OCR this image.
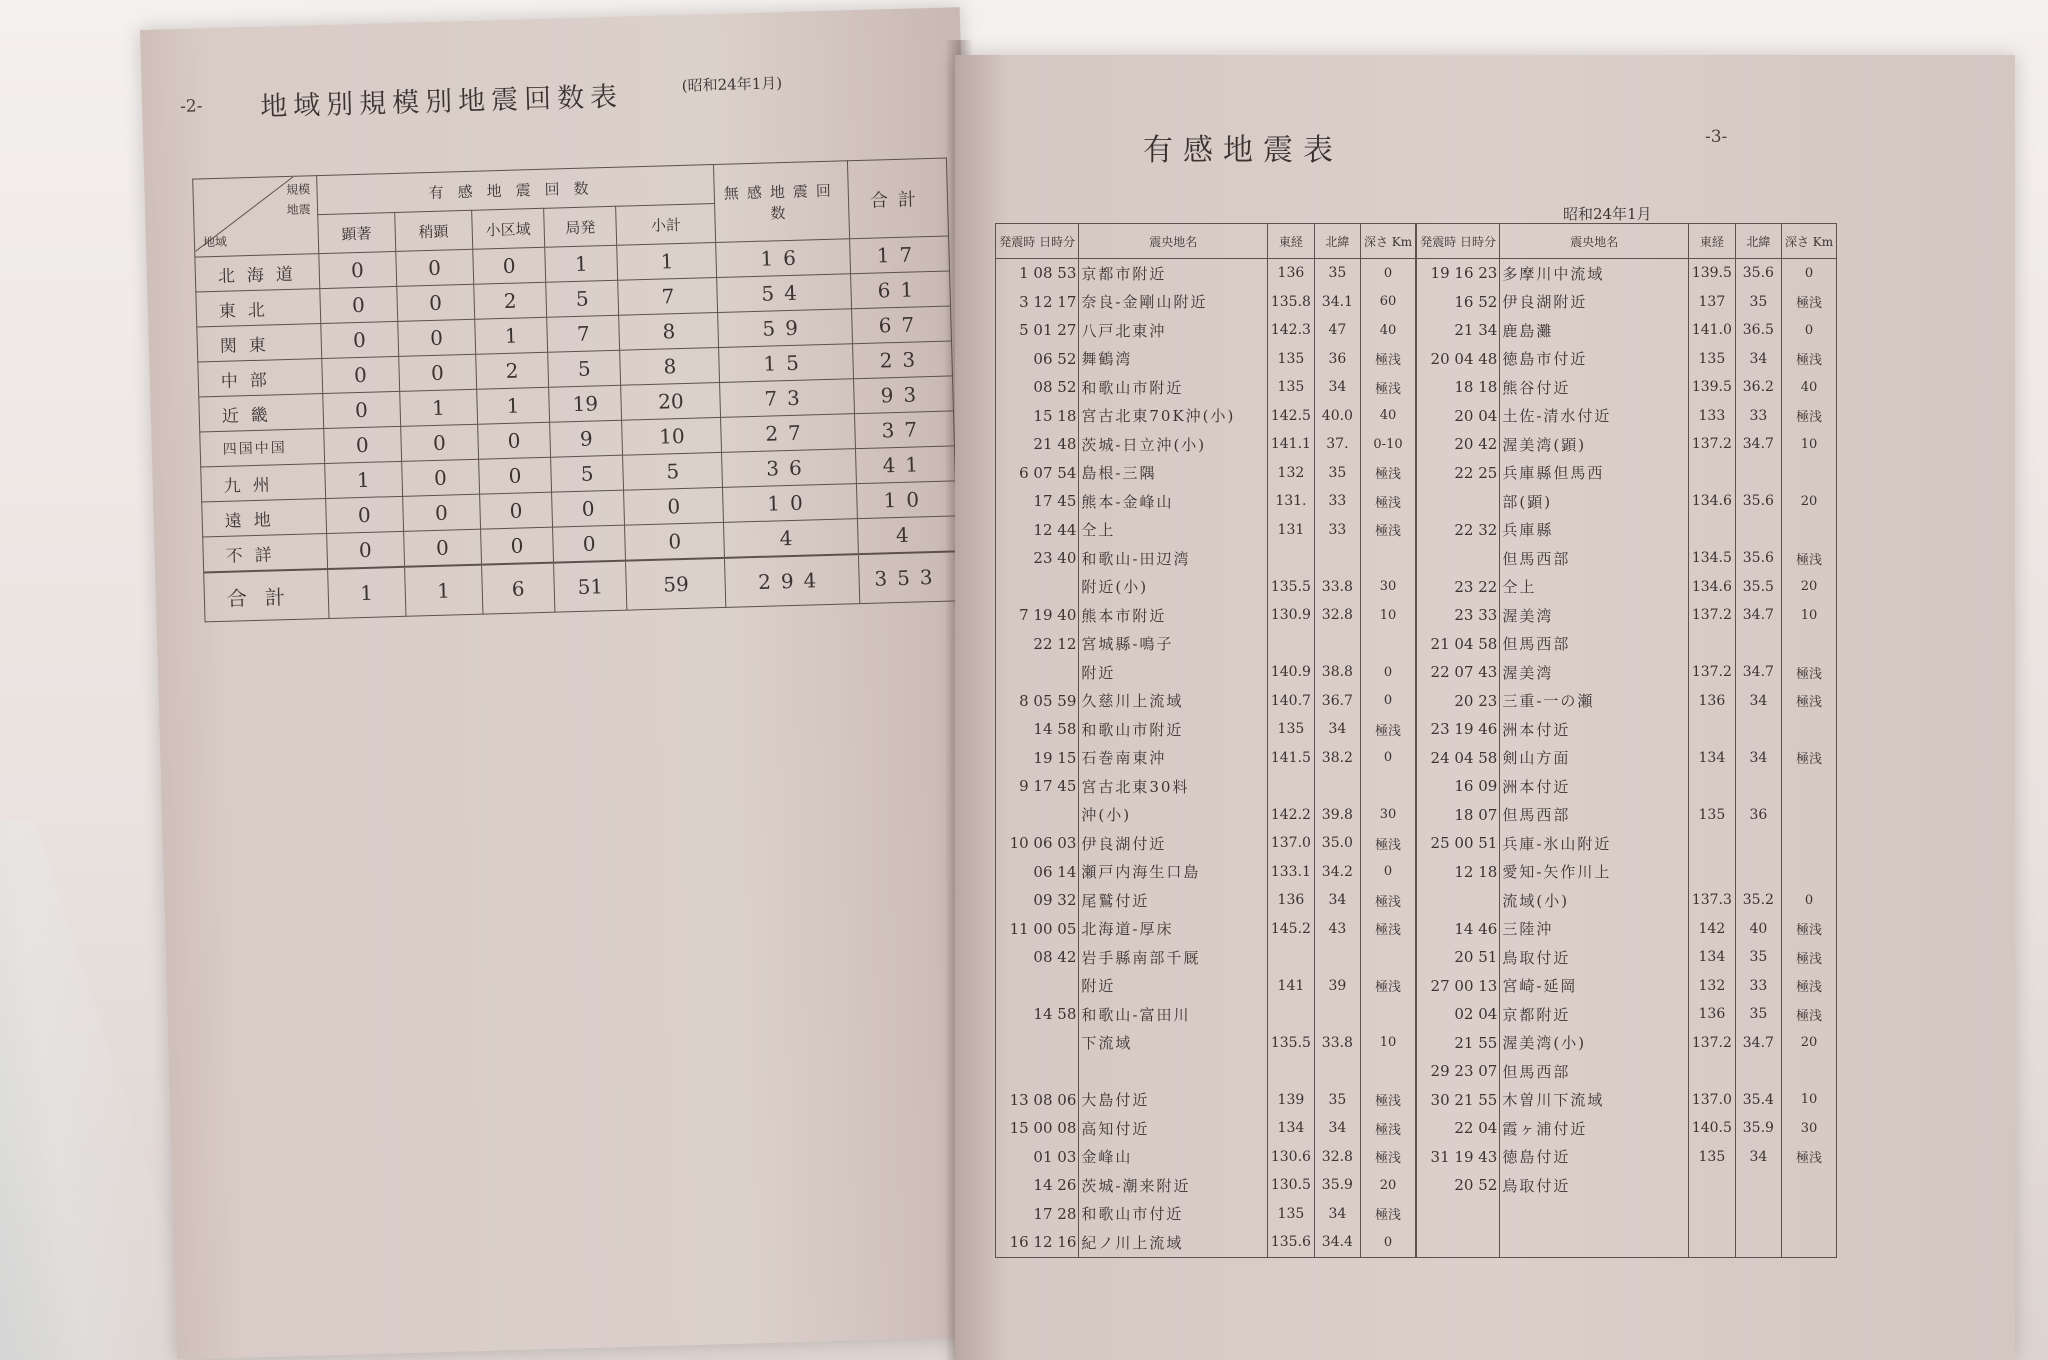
-2- 地域別規模別地震回数表	(昭和24年1月)
規模
地震
地域	有感地震回数					無感地震回数	合計
	顕著	稍顕	小区域	局発	小計		
北海道	0	0	0	1	1	16	17
東北	0	0	2	5	7	54	61
関東	0	0	1	7	8	59	67
中部	0	0	2	5	8	15	23
近畿	0	1	1	19	20	73	93
四国中国	0	0	0	9	10	27	37
九州	1	0	0	5	5	36	41
遠地	0	0	0	0	0	10	10
不詳	0	0	0	0	0	4	4
合計	1	1	6	51	59	294	353
有感地震表	-3-
昭和24年1月
発震時 日時分	震央地名	東経	北緯	深さ Km	発震時 日時分	震央地名	東経	北緯	深さ Km
1 08 53	京都市附近	136	35	0	19 16 23	多摩川中流域	139.5	35.6	0
3 12 17	奈良-金剛山附近	135.8	34.1	60	16 52	伊良湖附近	137	35	極浅
5 01 27	八戸北東沖	142.3	47	40	21 34	鹿島灘	141.0	36.5	0
06 52	舞鶴湾	135	36	極浅	20 04 48	徳島市付近	135	34	極浅
08 52	和歌山市附近	135	34	極浅	18 18	熊谷付近	139.5	36.2	40
15 18	宮古北東70K沖(小)	142.5	40.0	40	20 04	土佐-清水付近	133	33	極浅
21 48	茨城-日立沖(小)	141.1	37.	0-10	20 42	渥美湾(顕)	137.2	34.7	10
6 07 54	島根-三隅	132	35	極浅	22 25	兵庫縣但馬西			
17 45	熊本-金峰山	131.	33	極浅		部(顕)	134.6	35.6	20
12 44	仝上	131	33	極浅	22 32	兵庫縣			
23 40	和歌山-田辺湾					但馬西部	134.5	35.6	極浅
	附近(小)	135.5	33.8	30	23 22	仝上	134.6	35.5	20
7 19 40	熊本市附近	130.9	32.8	10	23 33	渥美湾	137.2	34.7	10
22 12	宮城縣-鳴子				21 04 58	但馬西部			
	附近	140.9	38.8	0	22 07 43	渥美湾	137.2	34.7	極浅
8 05 59	久慈川上流域	140.7	36.7	0	20 23	三重-一の瀬	136	34	極浅
14 58	和歌山市附近	135	34	極浅	23 19 46	洲本付近			
19 15	石巻南東沖	141.5	38.2	0	24 04 58	剣山方面	134	34	極浅
9 17 45	宮古北東30料				16 09	洲本付近			
	沖(小)	142.2	39.8	30	18 07	但馬西部	135	36	
10 06 03	伊良湖付近	137.0	35.0	極浅	25 00 51	兵庫-氷山附近			
06 14	瀬戸内海生口島	133.1	34.2	0	12 18	愛知-矢作川上			
09 32	尾鷲付近	136	34	極浅		流域(小)	137.3	35.2	0
11 00 05	北海道-厚床	145.2	43	極浅	14 46	三陸沖	142	40	極浅
08 42	岩手縣南部千厩				20 51	鳥取付近	134	35	極浅
	附近	141	39	極浅	27 00 13	宮崎-延岡	132	33	極浅
14 58	和歌山-富田川				02 04	京都附近	136	35	極浅
	下流域	135.5	33.8	10	21 55	渥美湾(小)	137.2	34.7	20
					29 23 07	但馬西部			
13 08 06	大島付近	139	35	極浅	30 21 55	木曽川下流域	137.0	35.4	10
15 00 08	高知付近	134	34	極浅	22 04	霞ヶ浦付近	140.5	35.9	30
01 03	金峰山	130.6	32.8	極浅	31 19 43	徳島付近	135	34	極浅
14 26	茨城-潮来附近	130.5	35.9	20	20 52	鳥取付近			
17 28	和歌山市付近	135	34	極浅					
16 12 16	紀ノ川上流域	135.6	34.4	0					
